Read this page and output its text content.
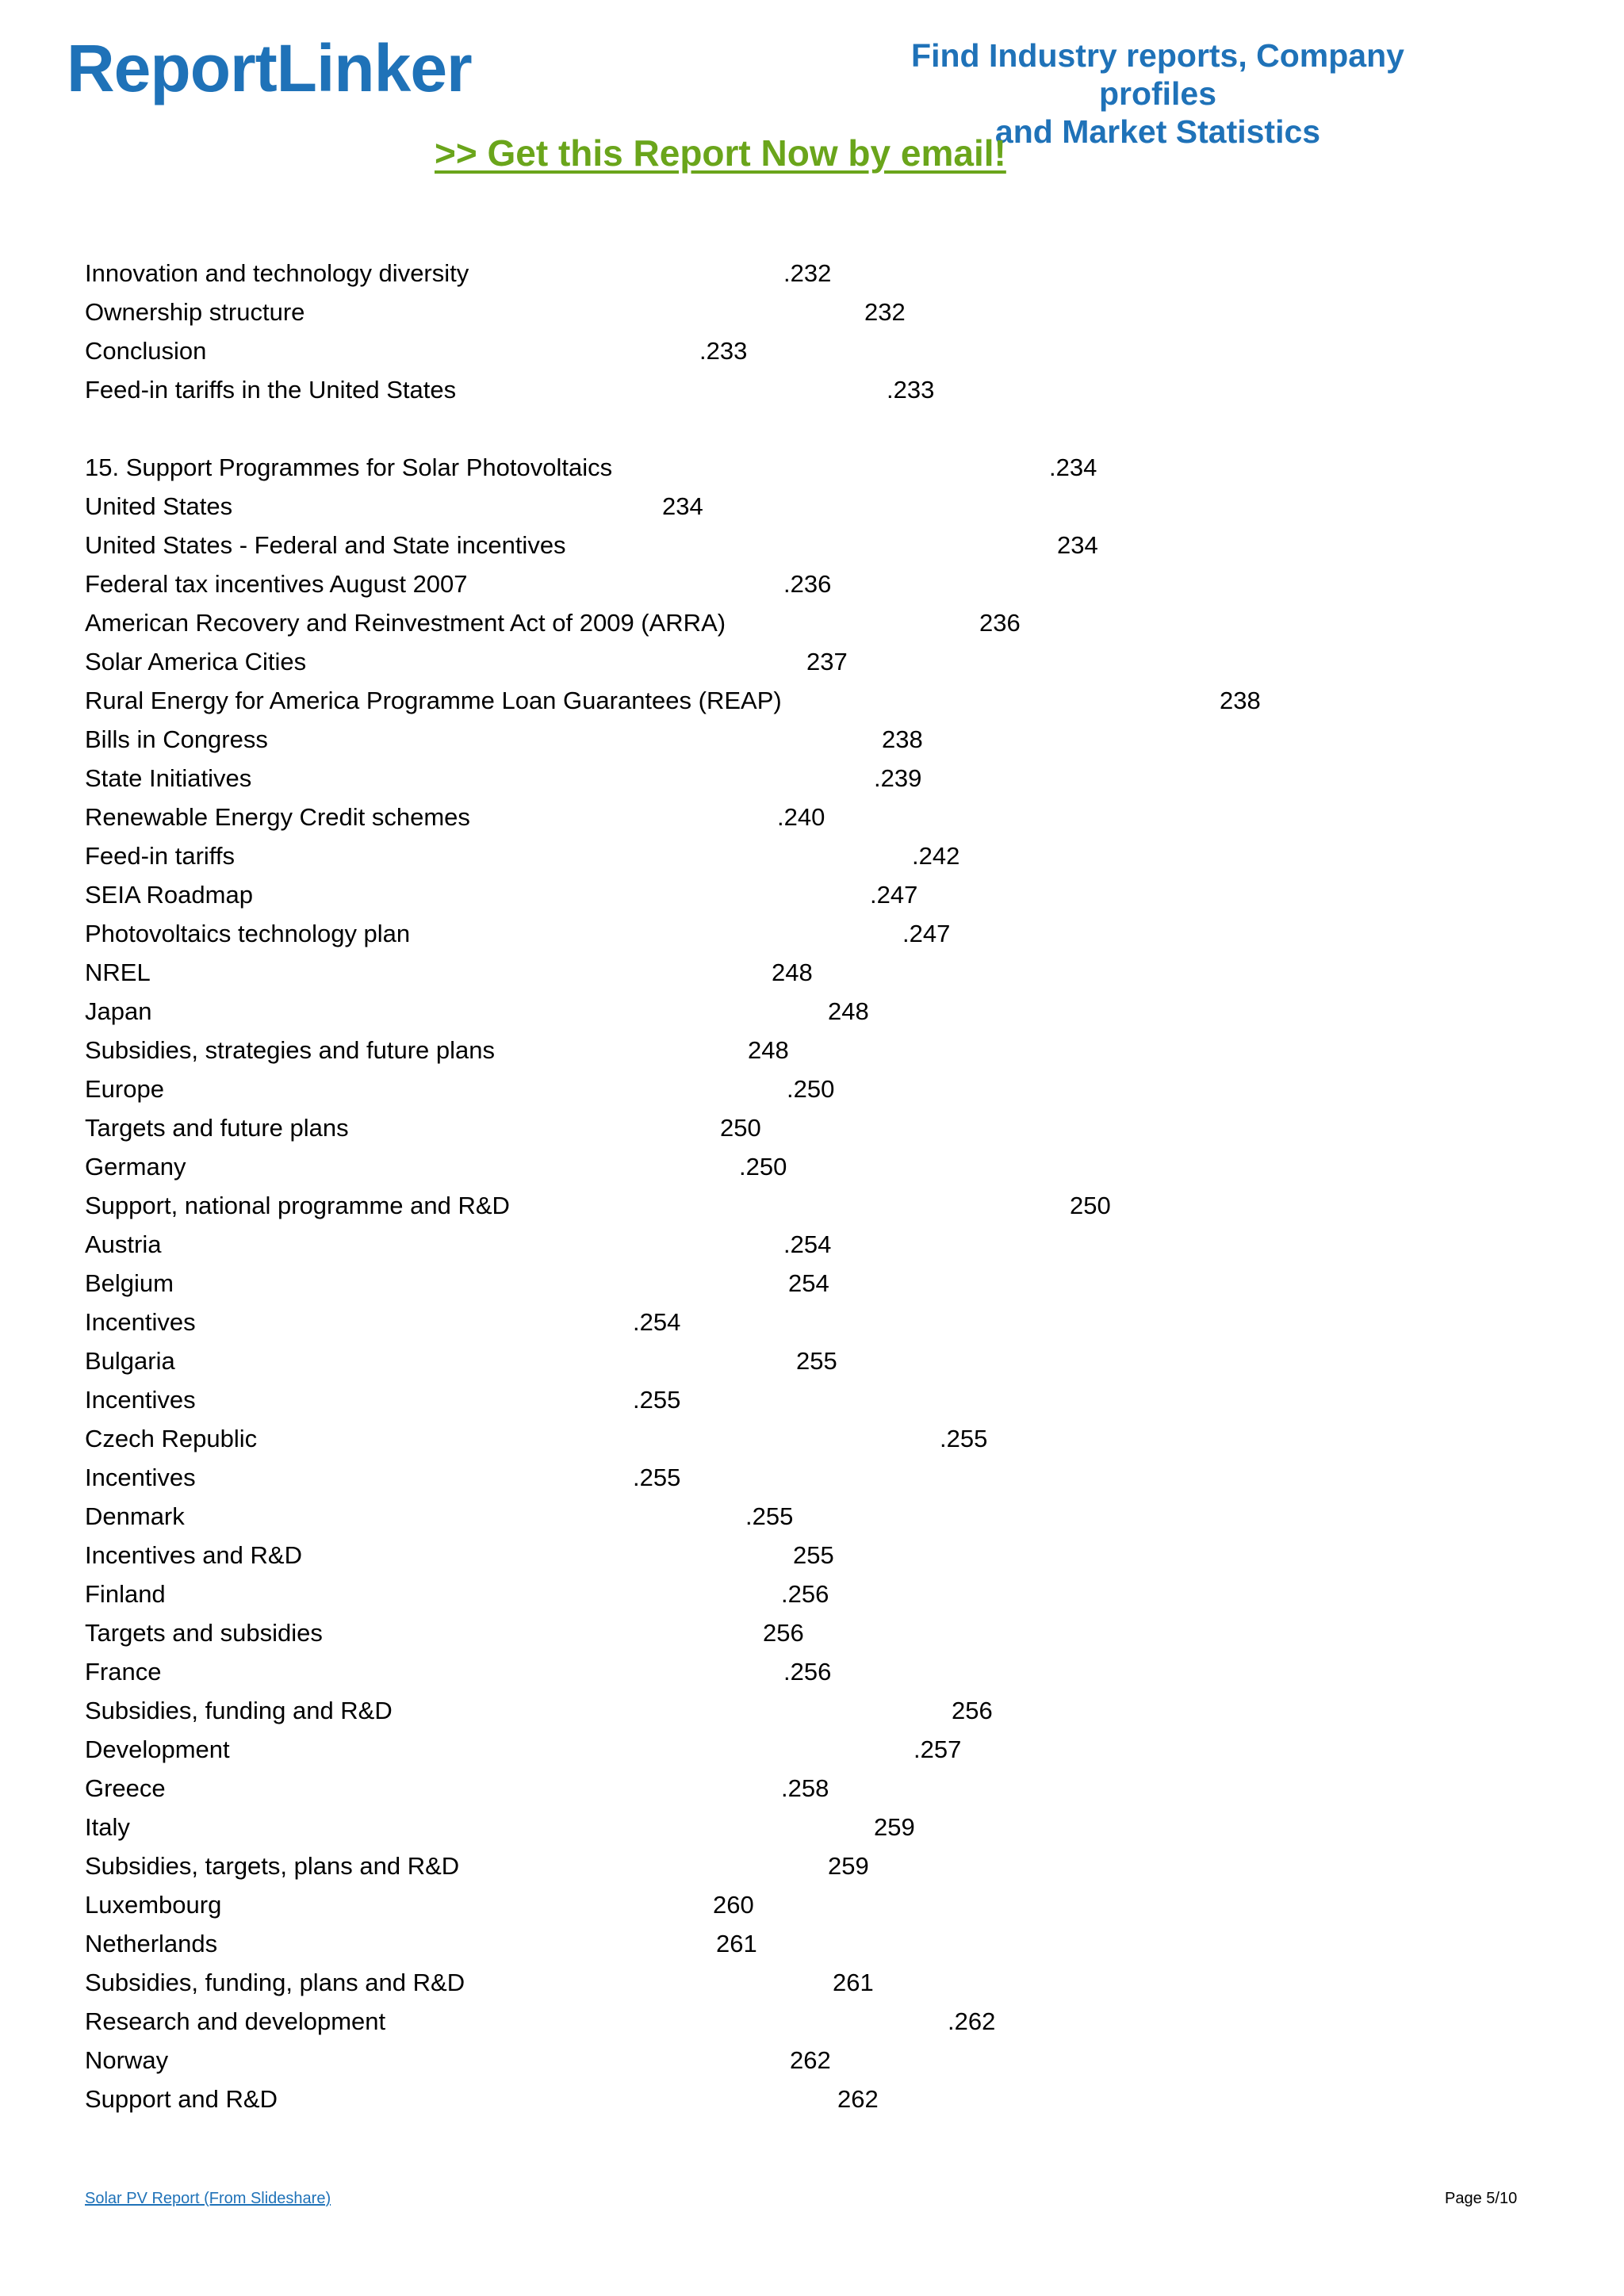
ReportLinker	Find Industry reports, Company profiles
and Market Statistics
>> Get this Report Now by email!
Innovation and technology diversity	.232
Ownership structure	232
Conclusion	.233
Feed-in tariffs in the United States	.233
15. Support Programmes for Solar Photovoltaics	.234
United States	234
United States - Federal and State incentives	234
Federal tax incentives August 2007	.236
American Recovery and Reinvestment Act of 2009 (ARRA)	236
Solar America Cities	237
Rural Energy for America Programme Loan Guarantees (REAP)	238
Bills in Congress	238
State Initiatives	.239
Renewable Energy Credit schemes	.240
Feed-in tariffs	.242
SEIA Roadmap	.247
Photovoltaics technology plan	.247
NREL	248
Japan	248
Subsidies, strategies and future plans	248
Europe	.250
Targets and future plans	250
Germany	.250
Support, national programme and R&D	250
Austria	.254
Belgium	254
Incentives	.254
Bulgaria	255
Incentives	.255
Czech Republic	.255
Incentives	.255
Denmark	.255
Incentives and R&D	255
Finland	.256
Targets and subsidies	256
France	.256
Subsidies, funding and R&D	256
Development	.257
Greece	.258
Italy	259
Subsidies, targets, plans and R&D	259
Luxembourg	260
Netherlands	261
Subsidies, funding, plans and R&D	261
Research and development	.262
Norway	262
Support and R&D	262
Solar PV Report (From Slideshare)	Page 5/10
